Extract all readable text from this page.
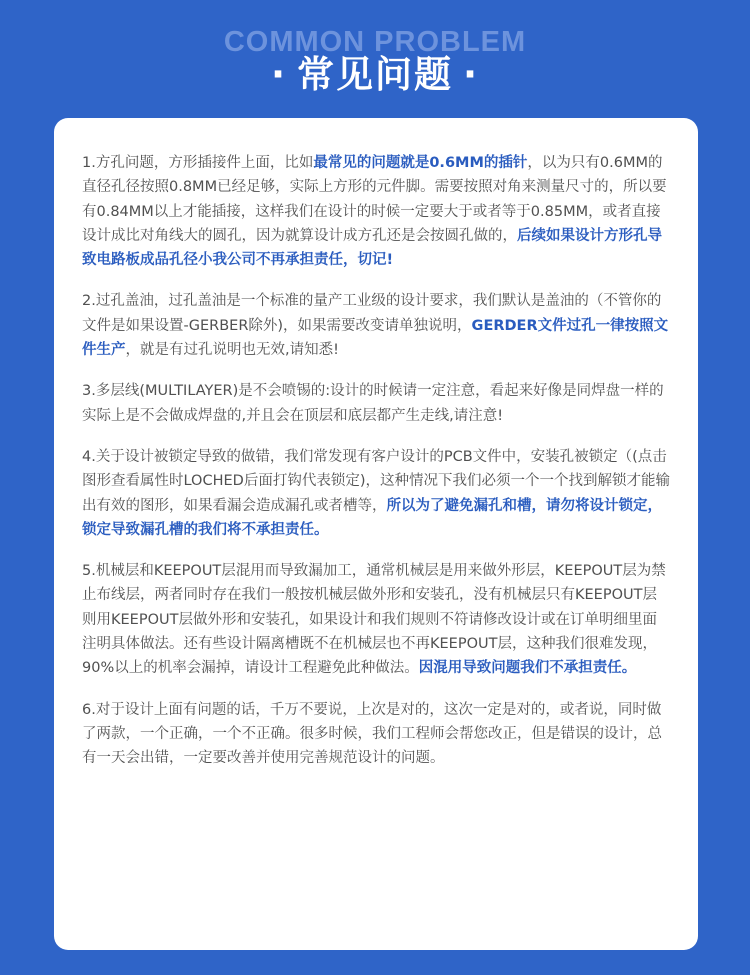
COMMON PROBLEM
· 常见问题 ·

1.方孔问题，方形插接件上面，比如最常见的问题就是0.6MM的插针，以为只有0.6MM的直径孔径按照0.8MM已经足够，实际上方形的元件脚。需要按照对角来测量尺寸的，所以要有0.84MM以上才能插接，这样我们在设计的时候一定要大于或者等于0.85MM，或者直接设计成比对角线大的圆孔，因为就算设计成方孔还是会按圆孔做的，后续如果设计方形孔导致电路板成品孔径小我公司不再承担责任，切记!

2.过孔盖油，过孔盖油是一个标准的量产工业级的设计要求，我们默认是盖油的（不管你的文件是如果设置-GERBER除外)，如果需要改变请单独说明，GERDER文件过孔一律按照文件生产，就是有过孔说明也无效,请知悉!

3.多层线(MULTILAYER)是不会喷锡的:设计的时候请一定注意，看起来好像是同焊盘一样的实际上是不会做成焊盘的,并且会在顶层和底层都产生走线,请注意!

4.关于设计被锁定导致的做错，我们常发现有客户设计的PCB文件中，安装孔被锁定（(点击图形查看属性时LOCHED后面打钩代表锁定)，这种情况下我们必须一个一个找到解锁才能输出有效的图形，如果看漏会造成漏孔或者槽等，所以为了避免漏孔和槽，请勿将设计锁定，锁定导致漏孔槽的我们将不承担责任。

5.机械层和KEEPOUT层混用而导致漏加工，通常机械层是用来做外形层，KEEPOUT层为禁止布线层，两者同时存在我们一般按机械层做外形和安装孔，没有机械层只有KEEPOUT层则用KEEPOUT层做外形和安装孔，如果设计和我们规则不符请修改设计或在订单明细里面注明具体做法。还有些设计隔离槽既不在机械层也不再KEEPOUT层，这种我们很难发现，90%以上的机率会漏掉，请设计工程避免此种做法。因混用导致问题我们不承担责任。

6.对于设计上面有问题的话，千万不要说，上次是对的，这次一定是对的，或者说，同时做了两款，一个正确，一个不正确。很多时候，我们工程师会帮您改正，但是错误的设计，总有一天会出错，一定要改善并使用完善规范设计的问题。
